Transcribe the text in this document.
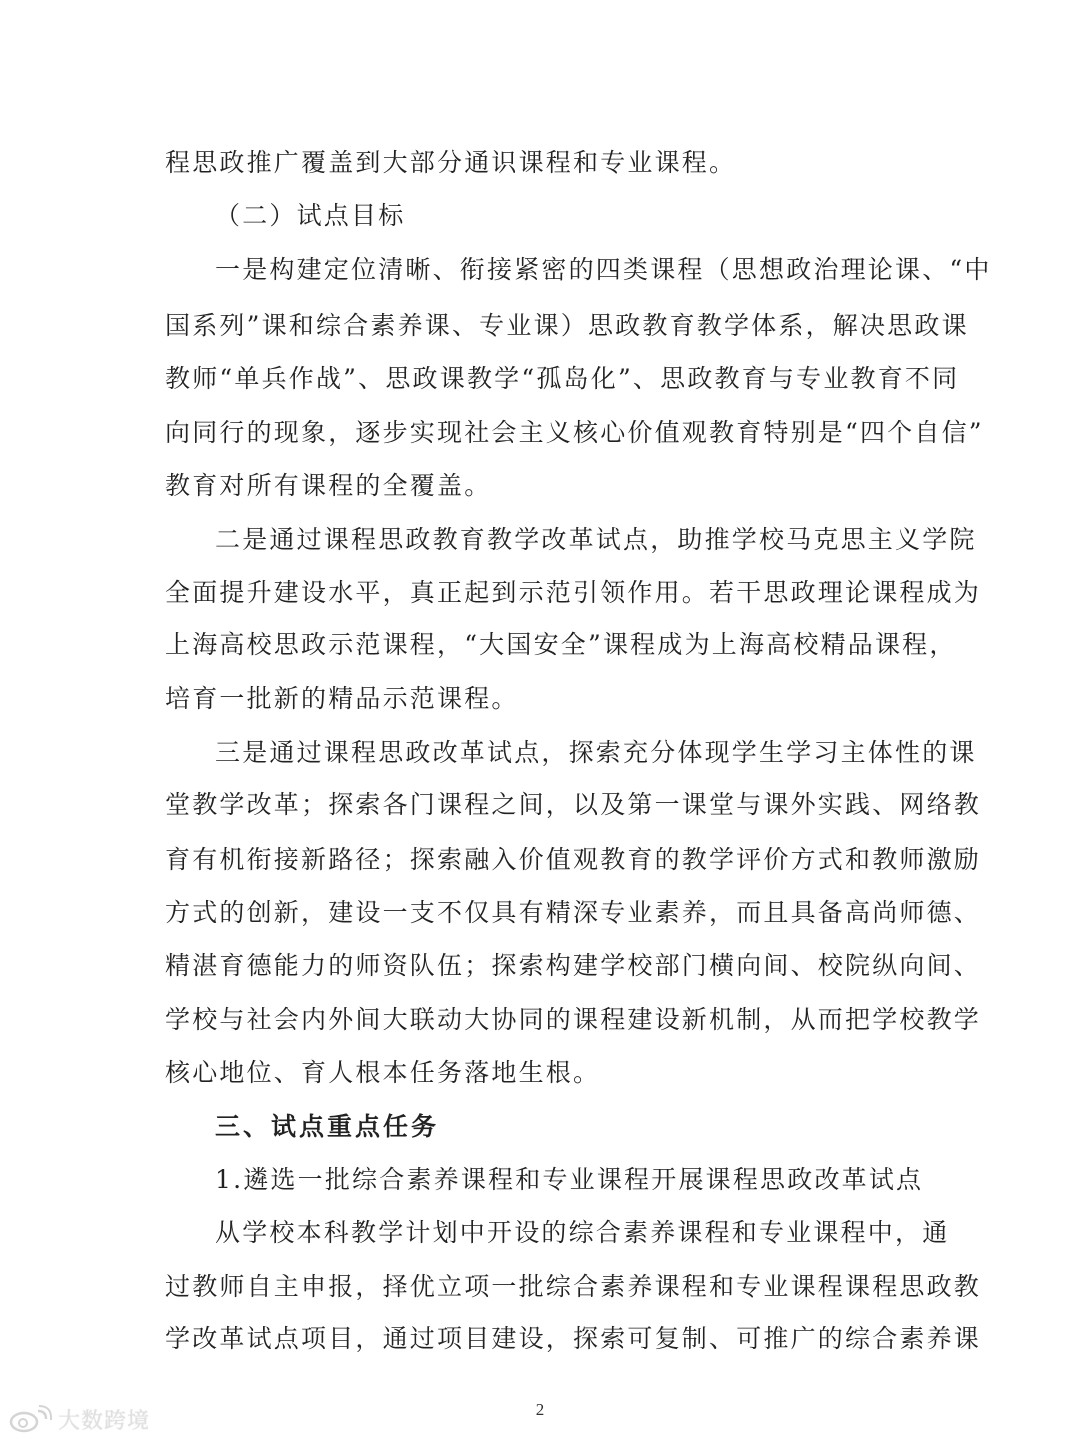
程思政推广覆盖到大部分通识课程和专业课程。
（二）试点目标
一是构建定位清晰、衔接紧密的四类课程（思想政治理论课、“中
国系列”课和综合素养课、专业课）思政教育教学体系，解决思政课
教师“单兵作战”、思政课教学“孤岛化”、思政教育与专业教育不同
向同行的现象，逐步实现社会主义核心价值观教育特别是“四个自信”
教育对所有课程的全覆盖。
二是通过课程思政教育教学改革试点，助推学校马克思主义学院
全面提升建设水平，真正起到示范引领作用。若干思政理论课程成为
上海高校思政示范课程，“大国安全”课程成为上海高校精品课程，
培育一批新的精品示范课程。
三是通过课程思政改革试点，探索充分体现学生学习主体性的课
堂教学改革；探索各门课程之间，以及第一课堂与课外实践、网络教
育有机衔接新路径；探索融入价值观教育的教学评价方式和教师激励
方式的创新，建设一支不仅具有精深专业素养，而且具备高尚师德、
精湛育德能力的师资队伍；探索构建学校部门横向间、校院纵向间、
学校与社会内外间大联动大协同的课程建设新机制，从而把学校教学
核心地位、育人根本任务落地生根。
三、试点重点任务
1.遴选一批综合素养课程和专业课程开展课程思政改革试点
从学校本科教学计划中开设的综合素养课程和专业课程中，通
过教师自主申报，择优立项一批综合素养课程和专业课程课程思政教
学改革试点项目，通过项目建设，探索可复制、可推广的综合素养课
2
大数跨境
